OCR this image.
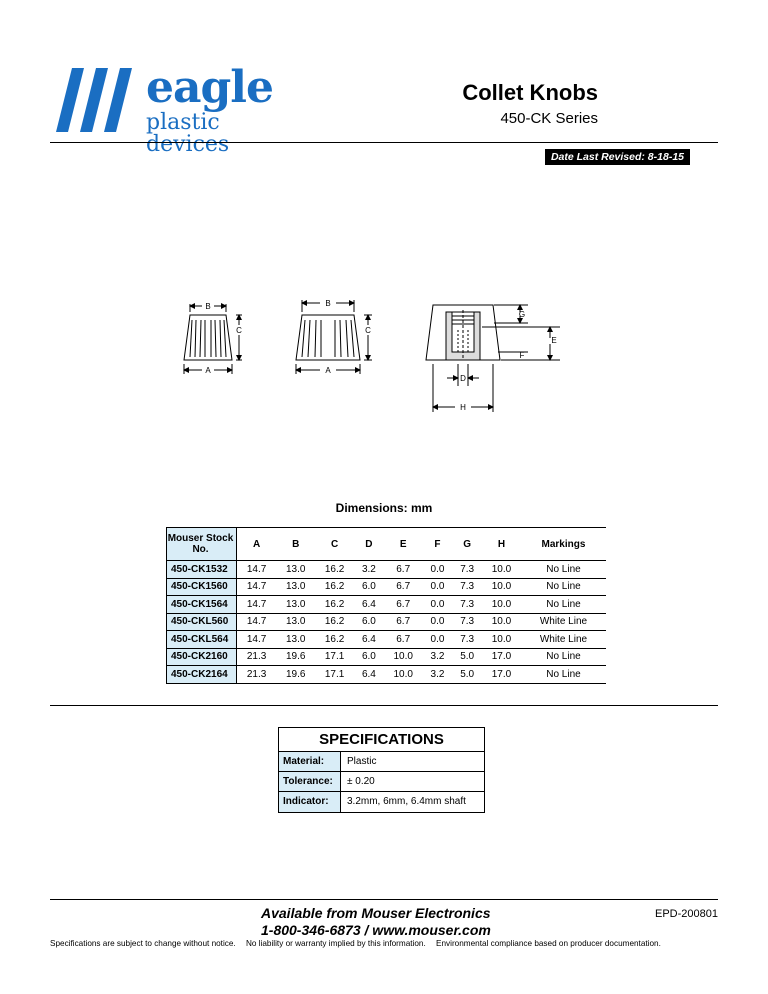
eagle
plastic devices
Collet Knobs
450-CK Series
Date Last Revised: 8-18-15
B
C
A
B
C
A
G
E
F
D
H
Dimensions: mm
Mouser Stock No.	A	B	C	D	E	F	G	H	Markings
450-CK1532	14.7	13.0	16.2	3.2	6.7	0.0	7.3	10.0	No Line
450-CK1560	14.7	13.0	16.2	6.0	6.7	0.0	7.3	10.0	No Line
450-CK1564	14.7	13.0	16.2	6.4	6.7	0.0	7.3	10.0	No Line
450-CKL560	14.7	13.0	16.2	6.0	6.7	0.0	7.3	10.0	White Line
450-CKL564	14.7	13.0	16.2	6.4	6.7	0.0	7.3	10.0	White Line
450-CK2160	21.3	19.6	17.1	6.0	10.0	3.2	5.0	17.0	No Line
450-CK2164	21.3	19.6	17.1	6.4	10.0	3.2	5.0	17.0	No Line
SPECIFICATIONS
Material:	Plastic
Tolerance:	± 0.20
Indicator:	3.2mm, 6mm, 6.4mm shaft
Available from Mouser Electronics
1-800-346-6873 / www.mouser.com
EPD-200801
Specifications are subject to change without notice. No liability or warranty implied by this information. Environmental compliance based on producer documentation.
